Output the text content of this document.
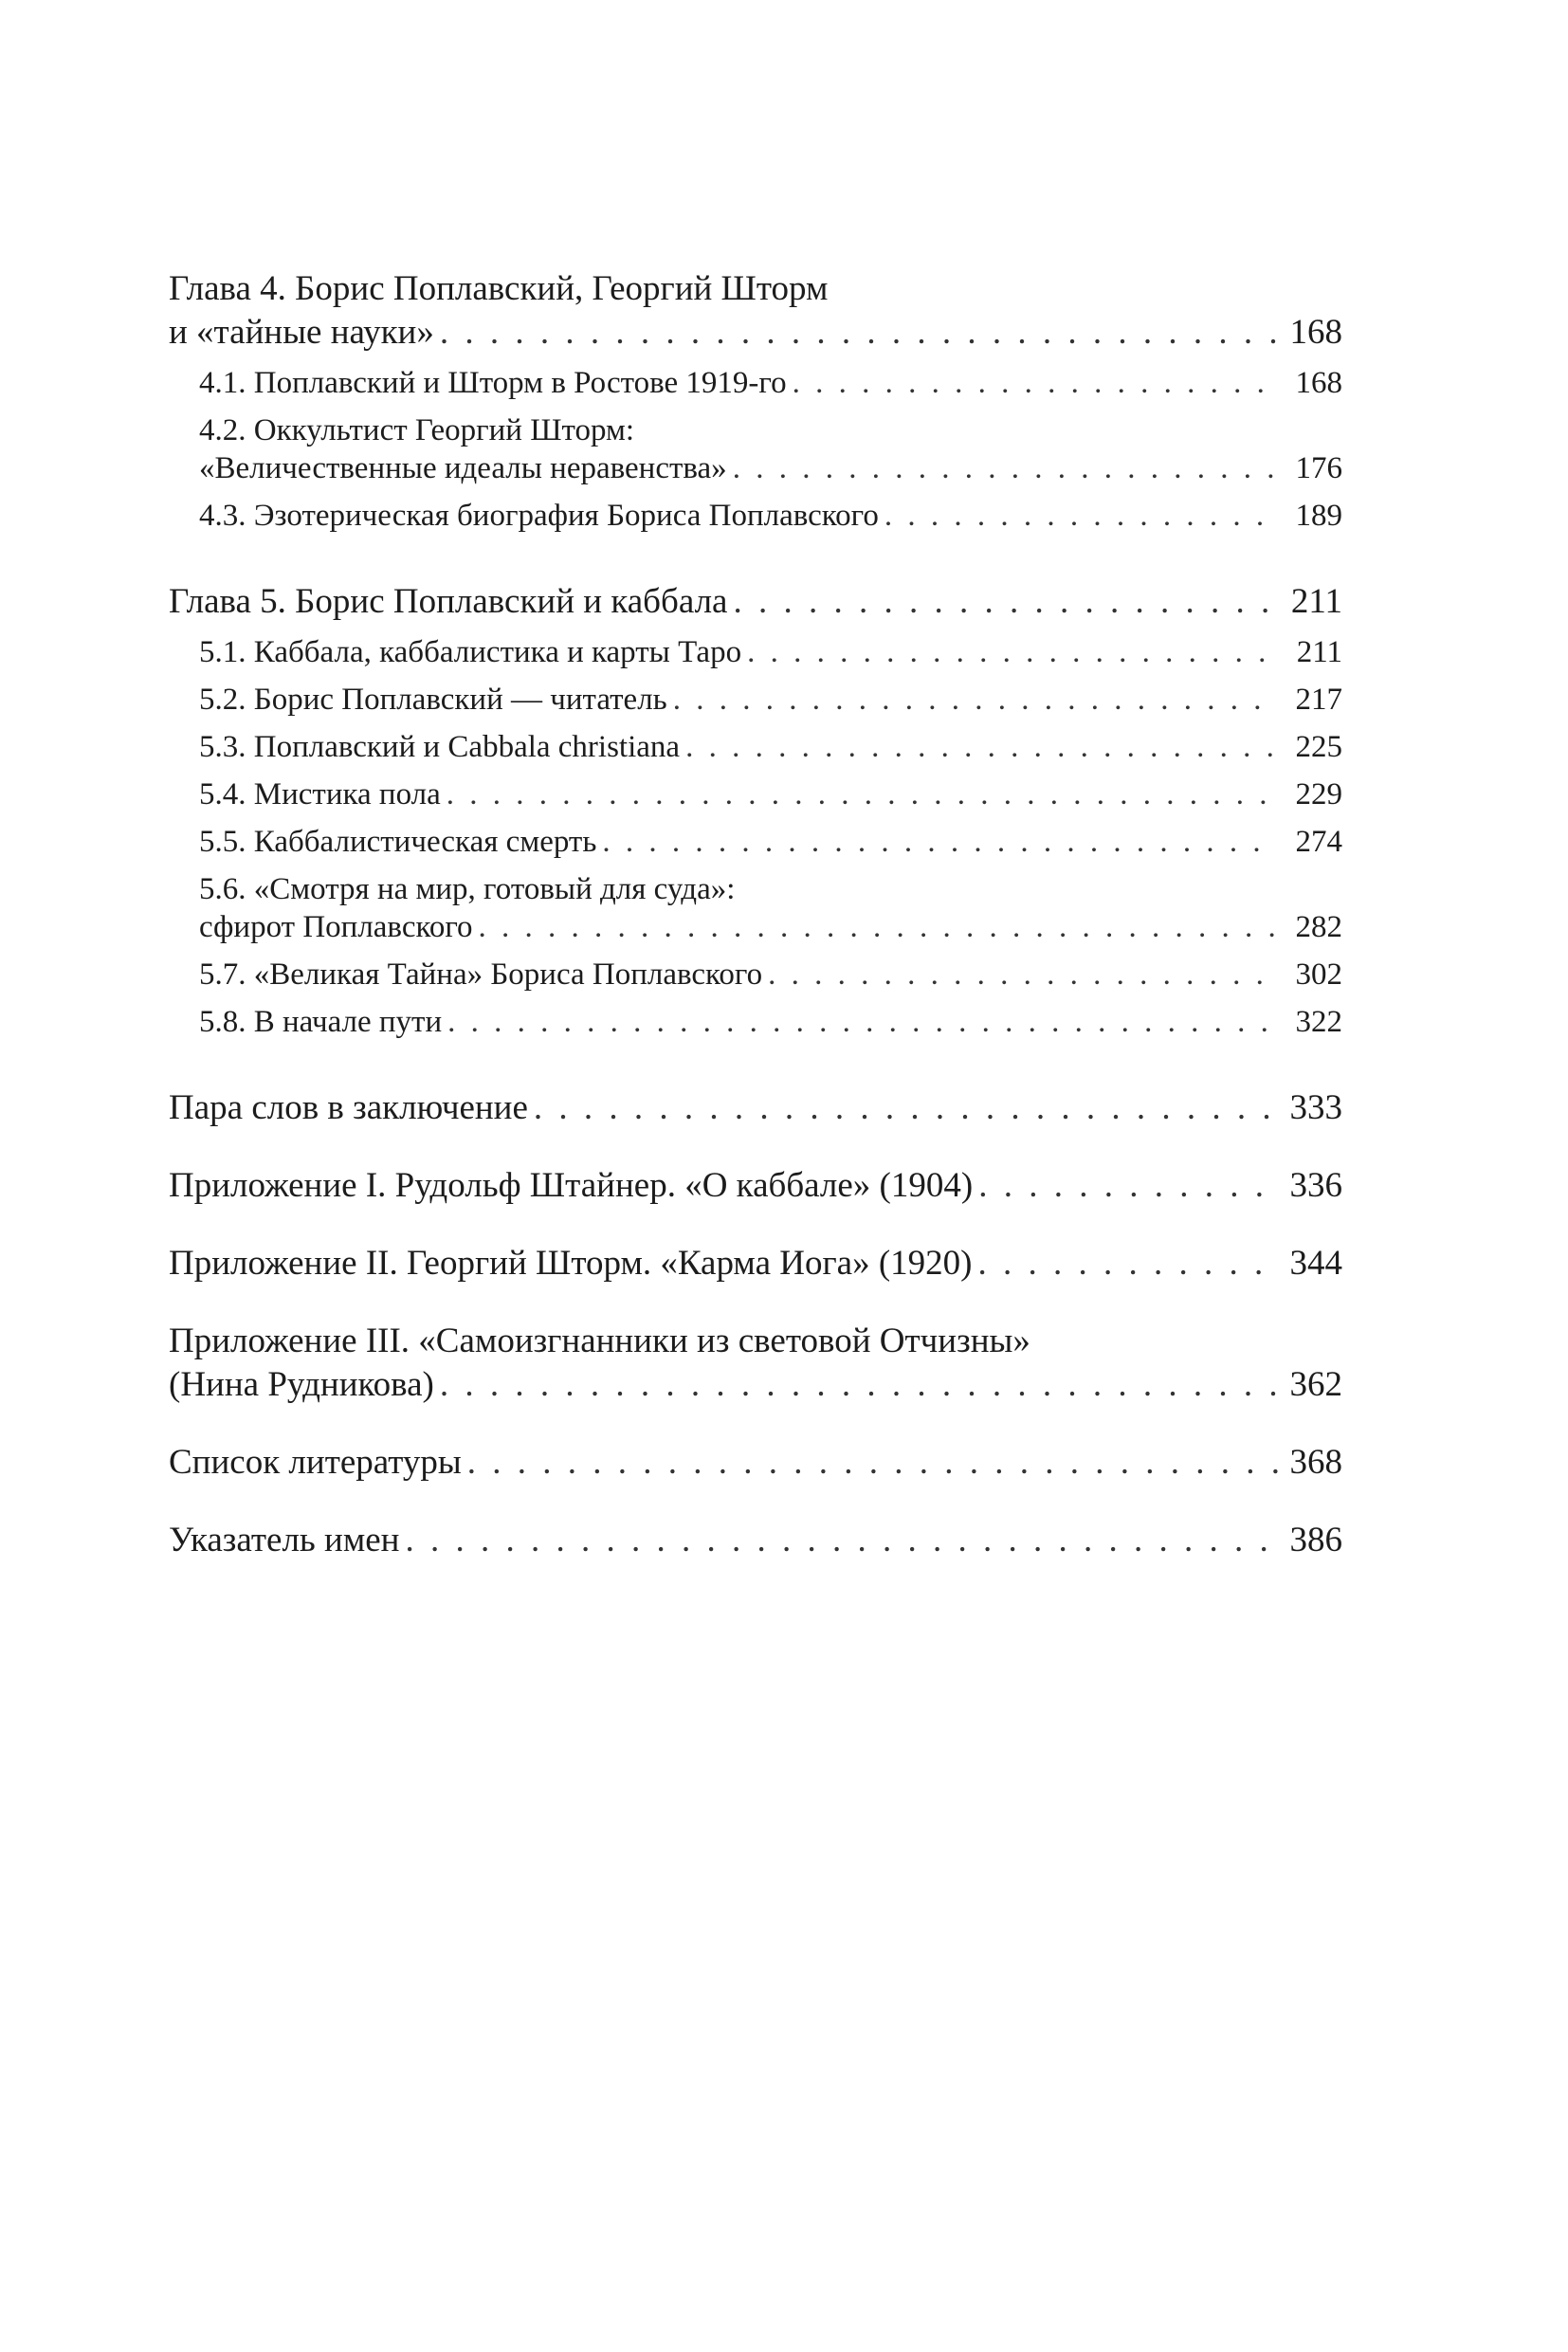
Глава 4. Борис Поплавский, Георгий Шторм
и «тайные науки» . . .	168
4.1. Поплавский и Шторм в Ростове 1919-го . . .	168
4.2. Оккультист Георгий Шторм:
«Величественные идеалы неравенства» . . .	176
4.3. Эзотерическая биография Бориса Поплавского . . .	189
Глава 5. Борис Поплавский и каббала . . .	211
5.1. Каббала, каббалистика и карты Таро . . .	211
5.2. Борис Поплавский — читатель . . .	217
5.3. Поплавский и Cabbala christiana . . .	225
5.4. Мистика пола . . .	229
5.5. Каббалистическая смерть . . .	274
5.6. «Смотря на мир, готовый для суда»:
сфирот Поплавского . . .	282
5.7. «Великая Тайна» Бориса Поплавского . . .	302
5.8. В начале пути . . .	322
Пара слов в заключение . . .	333
Приложение I. Рудольф Штайнер. «О каббале» (1904) . . .	336
Приложение II. Георгий Шторм. «Карма Иога» (1920) . . .	344
Приложение III. «Самоизгнанники из световой Отчизны»
(Нина Рудникова) . . .	362
Список литературы . . .	368
Указатель имен . . .	386
